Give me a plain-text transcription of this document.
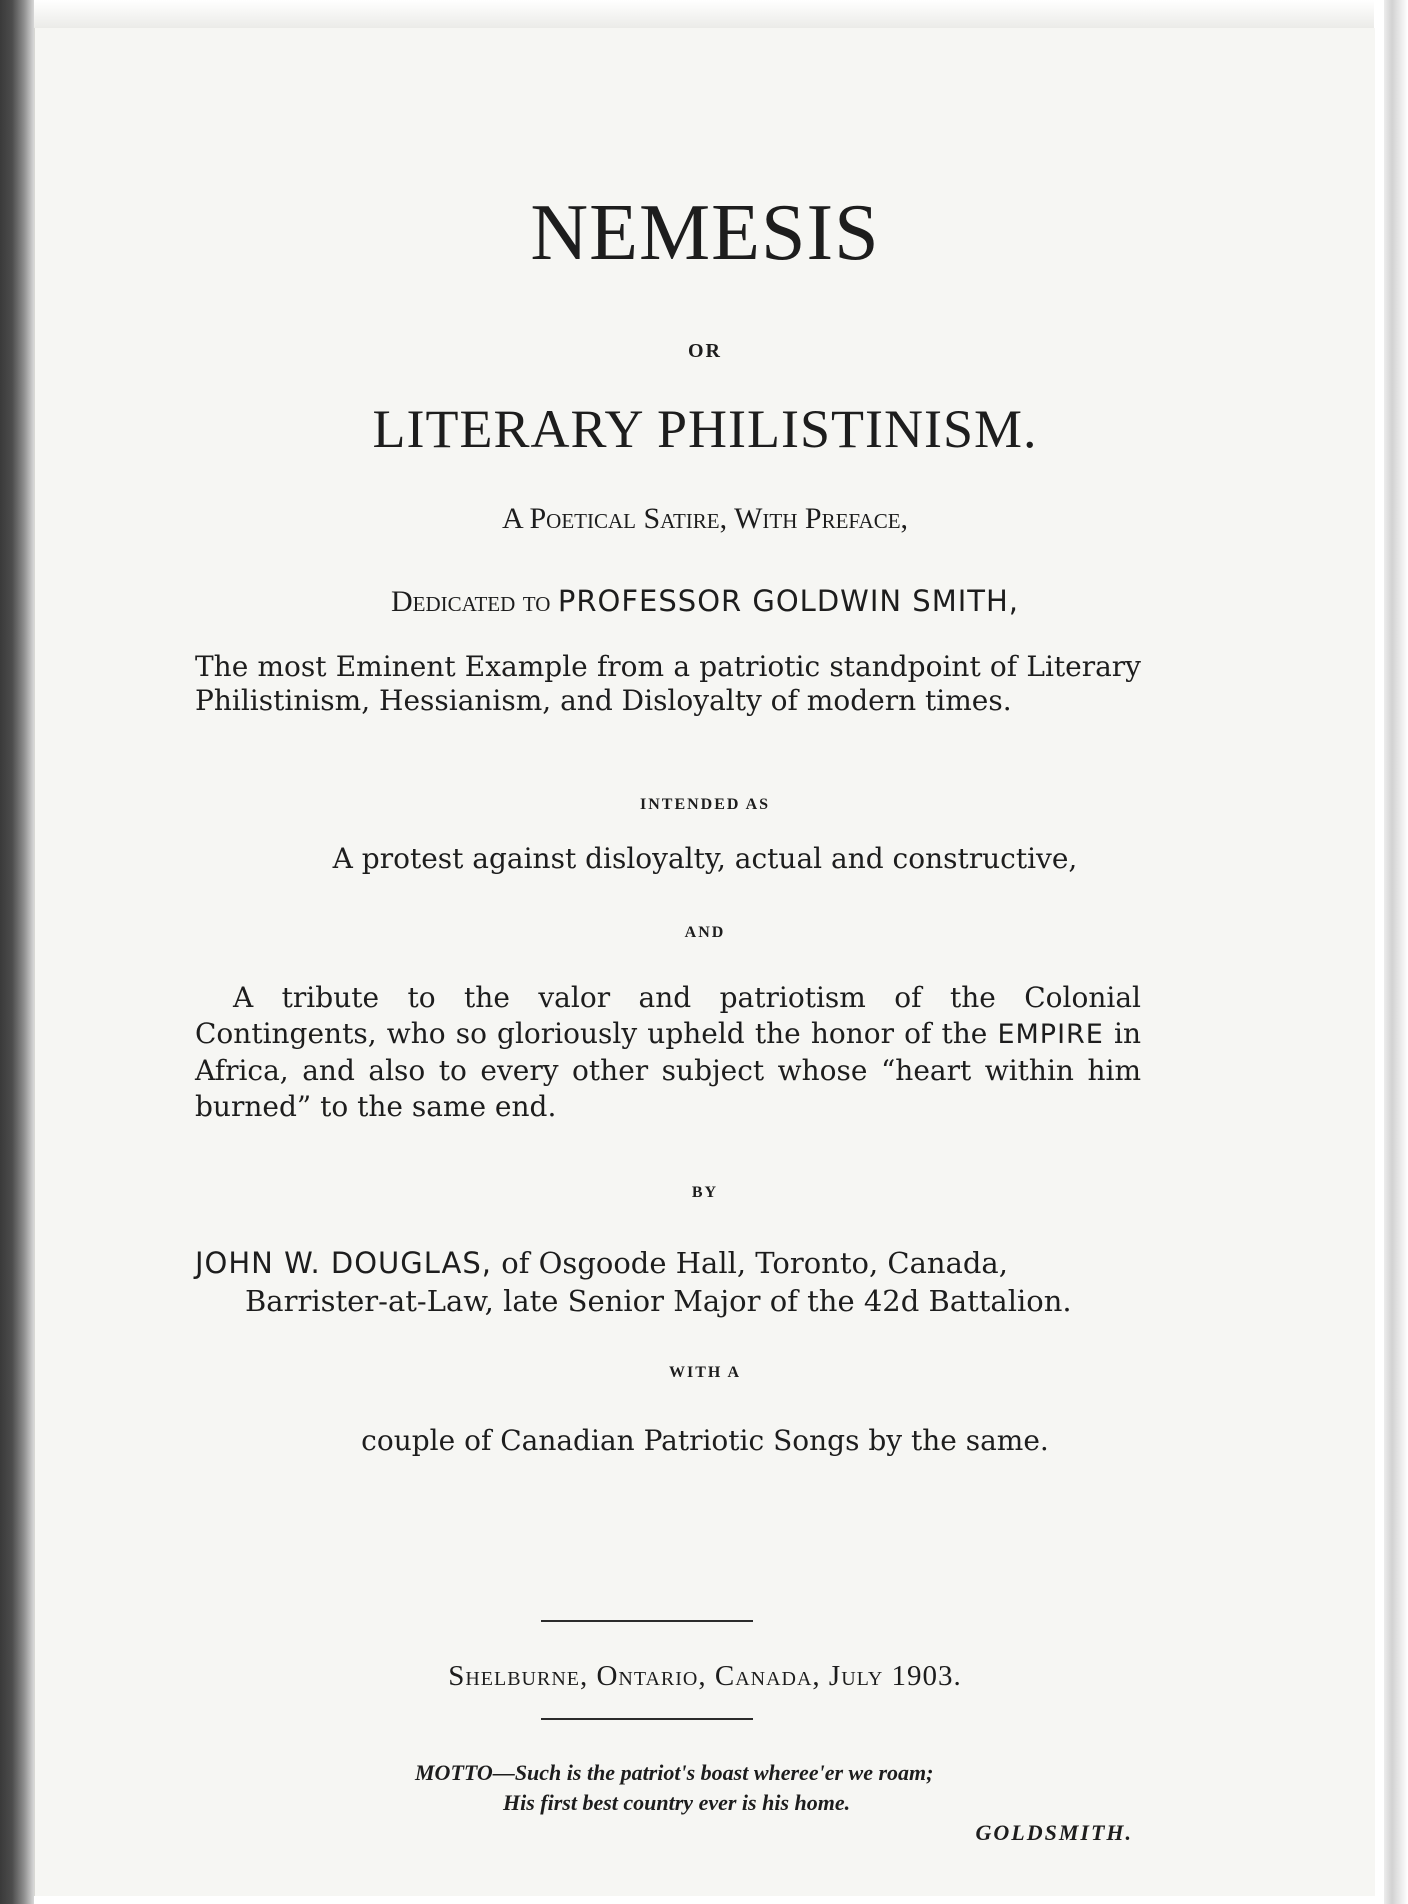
NEMESIS
OR
LITERARY PHILISTINISM.
A Poetical Satire, With Preface,
Dedicated to PROFESSOR GOLDWIN SMITH,
The most Eminent Example from a patriotic standpoint of Literary Philistinism, Hessianism, and Disloyalty of modern times.
INTENDED AS
A protest against disloyalty, actual and constructive,
AND
A tribute to the valor and patriotism of the Colonial Contingents, who so gloriously upheld the honor of the EMPIRE in Africa, and also to every other subject whose “heart within him burned” to the same end.
BY
JOHN W. DOUGLAS, of Osgoode Hall, Toronto, Canada,
Barrister-at-Law, late Senior Major of the 42d Battalion.
WITH A
couple of Canadian Patriotic Songs by the same.
Shelburne, Ontario, Canada, July 1903.
MOTTO—Such is the patriot's boast wheree'er we roam;
His first best country ever is his home.
GOLDSMITH.
